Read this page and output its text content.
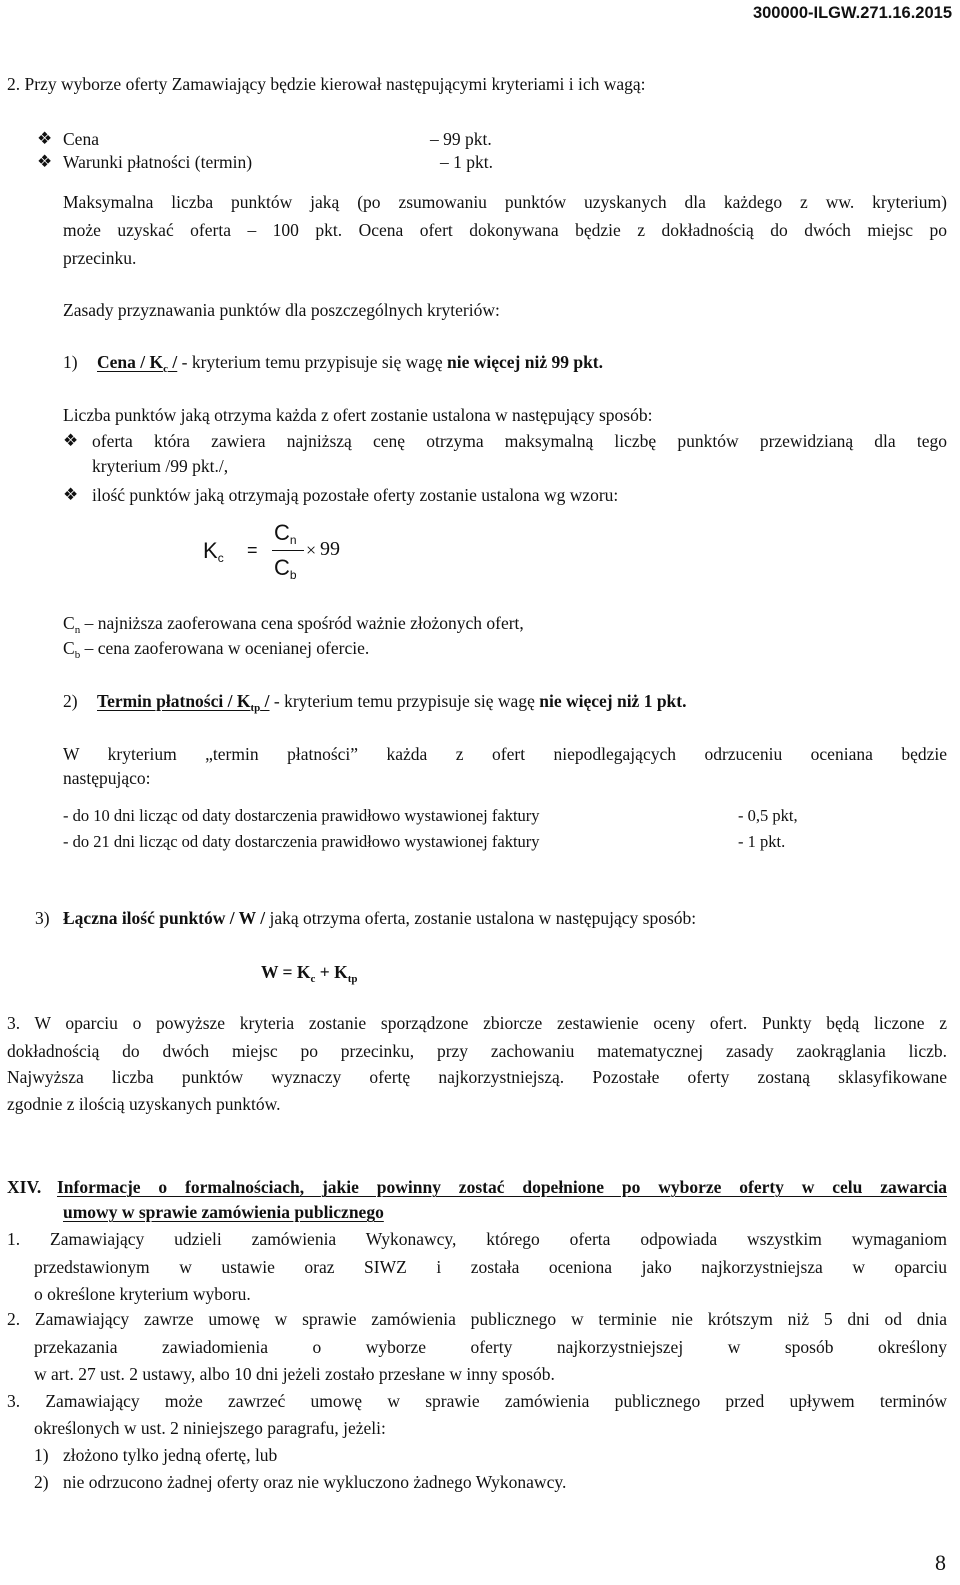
300000-ILGW.271.16.2015
2. Przy wyborze oferty Zamawiający będzie kierował następującymi kryteriami i ich wagą:
❖ Cena	– 99 pkt.
❖ Warunki płatności (termin)	– 1 pkt.
Maksymalna liczba punktów jaką (po zsumowaniu punktów uzyskanych dla każdego z ww. kryterium)
może uzyskać oferta – 100 pkt. Ocena ofert dokonywana będzie z dokładnością do dwóch miejsc po
przecinku.
Zasady przyznawania punktów dla poszczególnych kryteriów:
1) Cena / $K_c$ / - kryterium temu przypisuje się wagę nie więcej niż 99 pkt.
Liczba punktów jaką otrzyma każda z ofert zostanie ustalona w następujący sposób:
❖ oferta która zawiera najniższą cenę otrzyma maksymalną liczbę punktów przewidzianą dla tego
kryterium /99 pkt./,
❖ ilość punktów jaką otrzymają pozostałe oferty zostanie ustalona wg wzoru:
$K_c$ =
$C_n$
$C_b$
× 99
$C_n$ – najniższa zaoferowana cena spośród ważnie złożonych ofert,
$C_b$ – cena zaoferowana w ocenianej ofercie.
2)	Termin płatności / $K_{tp}$ / - kryterium temu przypisuje się wagę nie więcej niż 1 pkt.
W kryterium „termin płatności” każda z ofert niepodlegających odrzuceniu oceniana będzie
następująco:
- do 10 dni licząc od daty dostarczenia prawidłowo wystawionej faktury	- 0,5 pkt,
- do 21 dni licząc od daty dostarczenia prawidłowo wystawionej faktury	- 1 pkt.
3) Łączna ilość punktów / W / jaką otrzyma oferta, zostanie ustalona w następujący sposób:
$W = K_c + K_{tp}$
3. W oparciu o powyższe kryteria zostanie sporządzone zbiorcze zestawienie oceny ofert. Punkty będą liczone z
dokładnością do dwóch miejsc po przecinku, przy zachowaniu matematycznej zasady zaokrąglania liczb.
Najwyższa liczba punktów wyznaczy ofertę najkorzystniejszą. Pozostałe oferty zostaną sklasyfikowane
zgodnie z ilością uzyskanych punktów.
XIV. Informacje o formalnościach, jakie powinny zostać dopełnione po wyborze oferty w celu zawarcia
umowy w sprawie zamówienia publicznego
1. Zamawiający udzieli zamówienia Wykonawcy, którego oferta odpowiada wszystkim wymaganiom
przedstawionym w ustawie oraz SIWZ i została oceniona jako najkorzystniejsza w oparciu
o określone kryterium wyboru.
2. Zamawiający zawrze umowę w sprawie zamówienia publicznego w terminie nie krótszym niż 5 dni od dnia
przekazania zawiadomienia o wyborze oferty najkorzystniejszej w sposób określony
w art. 27 ust. 2 ustawy, albo 10 dni jeżeli zostało przesłane w inny sposób.
3. Zamawiający może zawrzeć umowę w sprawie zamówienia publicznego przed upływem terminów
określonych w ust. 2 niniejszego paragrafu, jeżeli:
1) złożono tylko jedną ofertę, lub
2) nie odrzucono żadnej oferty oraz nie wykluczono żadnego Wykonawcy.
8
